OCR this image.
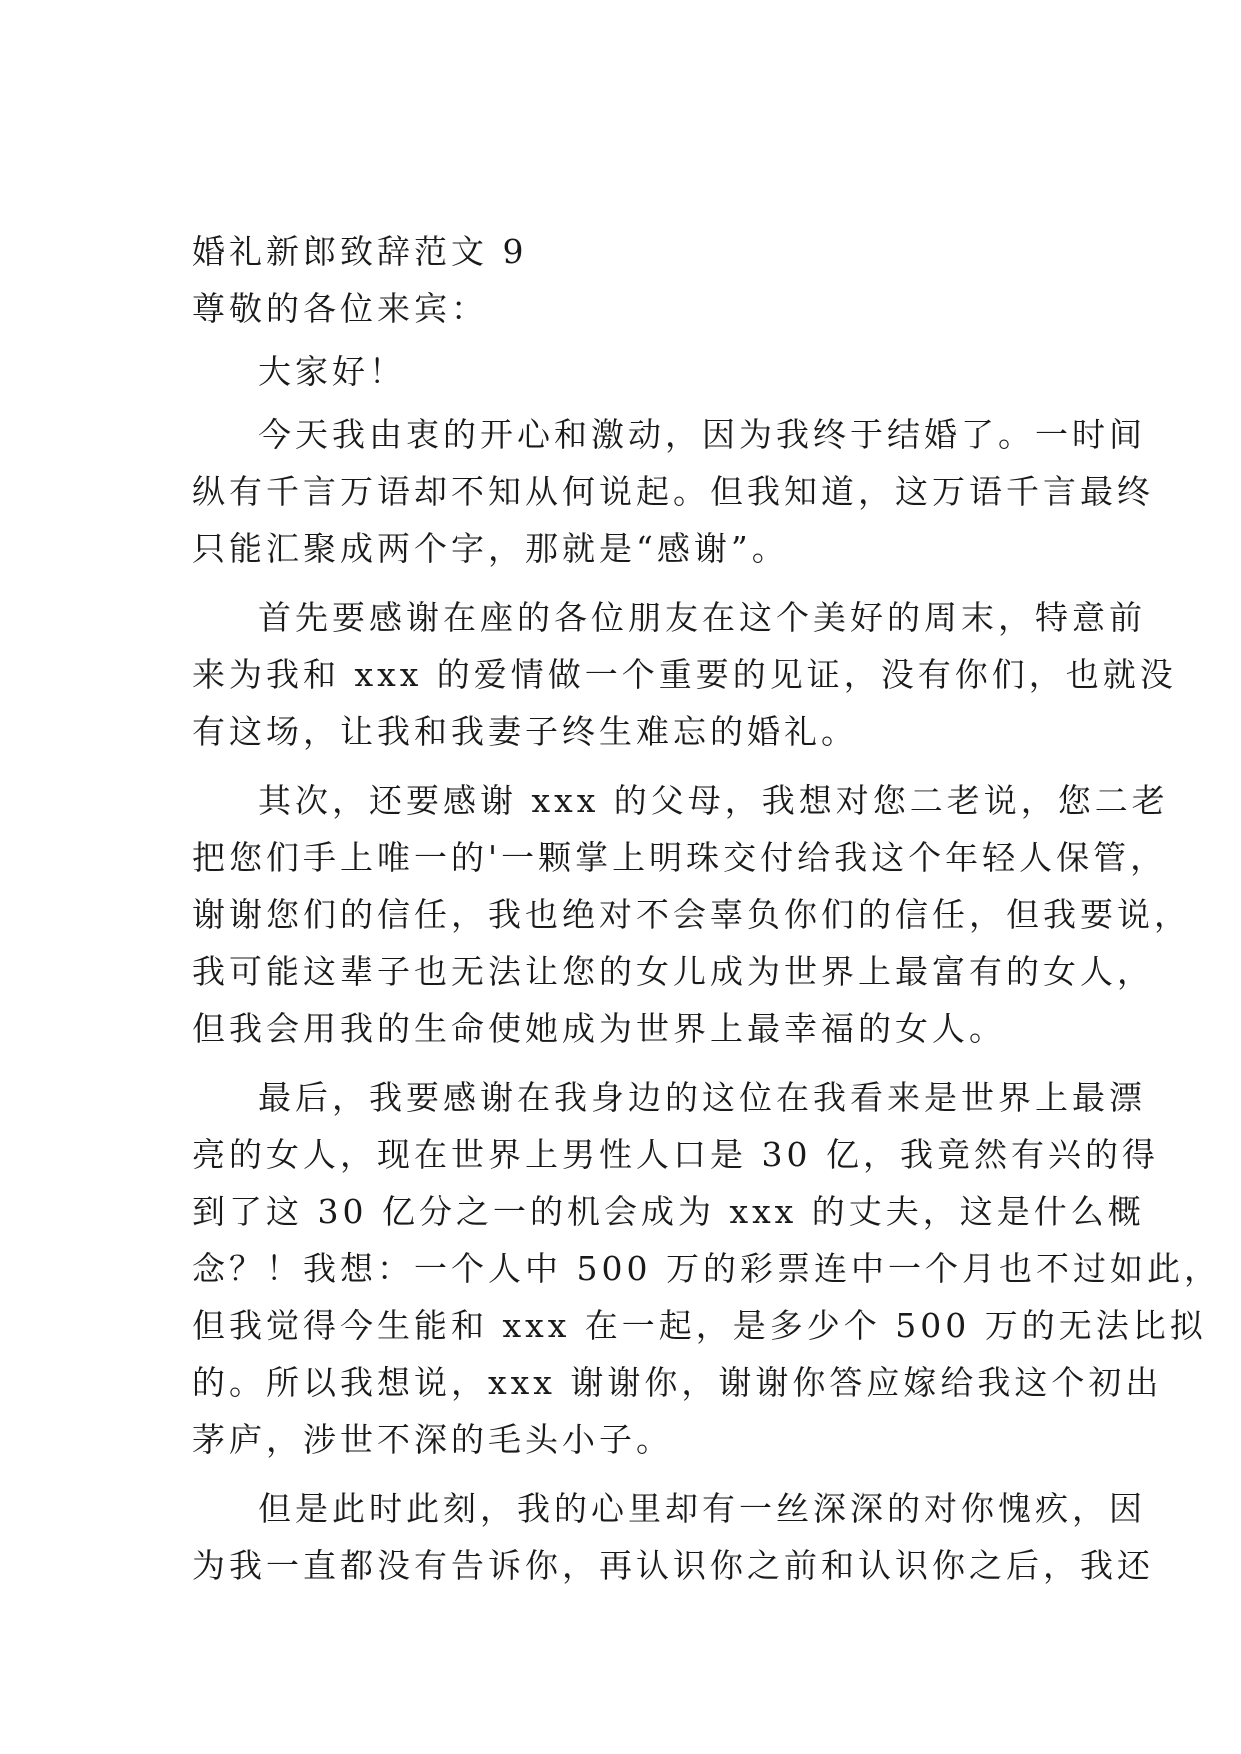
婚礼新郎致辞范文 9

尊敬的各位来宾：

大家好！

今天我由衷的开心和激动，因为我终于结婚了。一时间
纵有千言万语却不知从何说起。但我知道，这万语千言最终
只能汇聚成两个字，那就是“感谢”。

首先要感谢在座的各位朋友在这个美好的周末，特意前
来为我和 xxx 的爱情做一个重要的见证，没有你们，也就没
有这场，让我和我妻子终生难忘的婚礼。

其次，还要感谢 xxx 的父母，我想对您二老说，您二老
把您们手上唯一的'一颗掌上明珠交付给我这个年轻人保管，
谢谢您们的信任，我也绝对不会辜负你们的信任，但我要说，
我可能这辈子也无法让您的女儿成为世界上最富有的女人，
但我会用我的生命使她成为世界上最幸福的女人。

最后，我要感谢在我身边的这位在我看来是世界上最漂
亮的女人，现在世界上男性人口是 30 亿，我竟然有兴的得
到了这 30 亿分之一的机会成为 xxx 的丈夫，这是什么概
念？！我想：一个人中 500 万的彩票连中一个月也不过如此，
但我觉得今生能和 xxx 在一起，是多少个 500 万的无法比拟
的。所以我想说，xxx 谢谢你，谢谢你答应嫁给我这个初出
茅庐，涉世不深的毛头小子。

但是此时此刻，我的心里却有一丝深深的对你愧疚，因
为我一直都没有告诉你，再认识你之前和认识你之后，我还
